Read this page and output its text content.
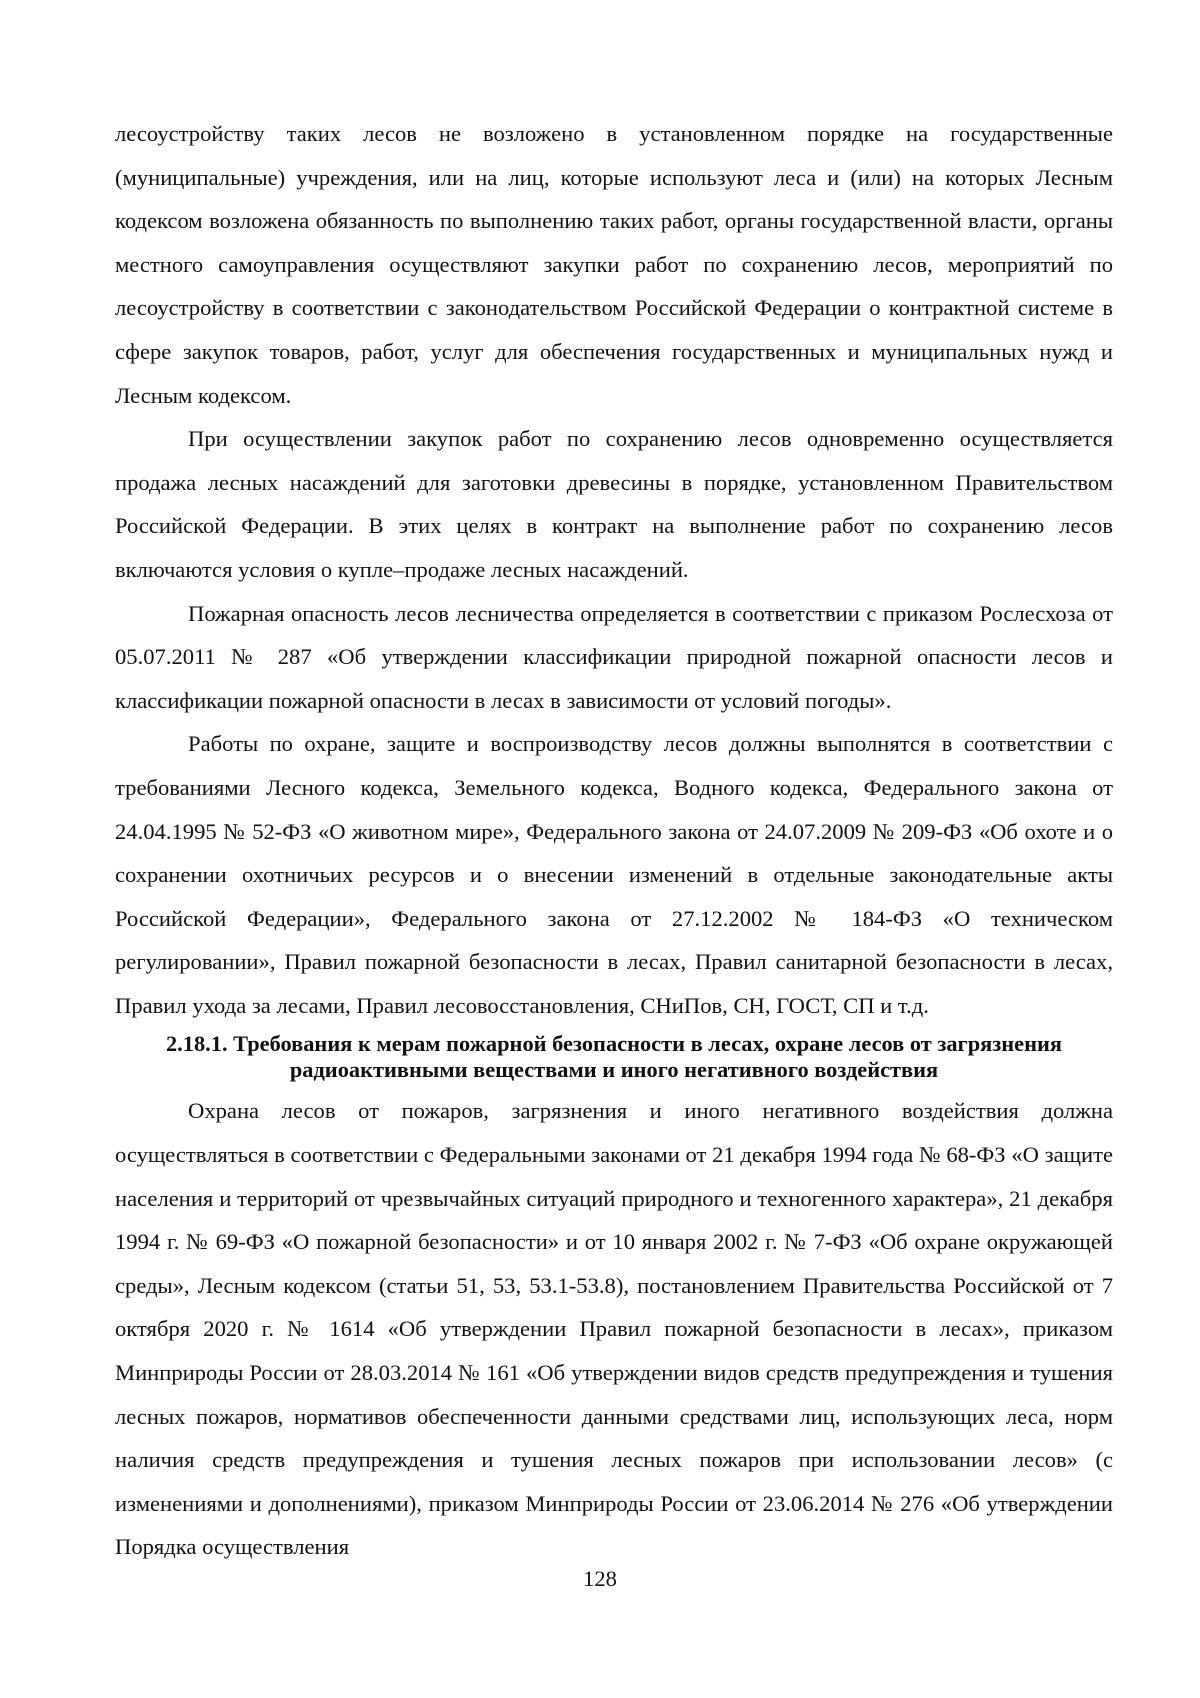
лесоустройству таких лесов не возложено в установленном порядке на государственные (муниципальные) учреждения, или на лиц, которые используют леса и (или) на которых Лесным кодексом возложена обязанность по выполнению таких работ, органы государственной власти, органы местного самоуправления осуществляют закупки работ по сохранению лесов, мероприятий по лесоустройству в соответствии с законодательством Российской Федерации о контрактной системе в сфере закупок товаров, работ, услуг для обеспечения государственных и муниципальных нужд и Лесным кодексом.

При осуществлении закупок работ по сохранению лесов одновременно осуществляется продажа лесных насаждений для заготовки древесины в порядке, установленном Правительством Российской Федерации. В этих целях в контракт на выполнение работ по сохранению лесов включаются условия о купле–продаже лесных насаждений.

Пожарная опасность лесов лесничества определяется в соответствии с приказом Рослесхоза от 05.07.2011 № 287 «Об утверждении классификации природной пожарной опасности лесов и классификации пожарной опасности в лесах в зависимости от условий погоды».

Работы по охране, защите и воспроизводству лесов должны выполнятся в соответствии с требованиями Лесного кодекса, Земельного кодекса, Водного кодекса, Федерального закона от 24.04.1995 № 52-ФЗ «О животном мире», Федерального закона от 24.07.2009 № 209-ФЗ «Об охоте и о сохранении охотничьих ресурсов и о внесении изменений в отдельные законодательные акты Российской Федерации», Федерального закона от 27.12.2002 № 184-ФЗ «О техническом регулировании», Правил пожарной безопасности в лесах, Правил санитарной безопасности в лесах, Правил ухода за лесами, Правил лесовосстановления, СНиПов, СН, ГОСТ, СП и т.д.

2.18.1. Требования к мерам пожарной безопасности в лесах, охране лесов от загрязнения
радиоактивными веществами и иного негативного воздействия

Охрана лесов от пожаров, загрязнения и иного негативного воздействия должна осуществляться в соответствии с Федеральными законами от 21 декабря 1994 года № 68-ФЗ «О защите населения и территорий от чрезвычайных ситуаций природного и техногенного характера», 21 декабря 1994 г. № 69-ФЗ «О пожарной безопасности» и от 10 января 2002 г. № 7-ФЗ «Об охране окружающей среды», Лесным кодексом (статьи 51, 53, 53.1-53.8), постановлением Правительства Российской от 7 октября 2020 г. № 1614 «Об утверждении Правил пожарной безопасности в лесах», приказом Минприроды России от 28.03.2014 № 161 «Об утверждении видов средств предупреждения и тушения лесных пожаров, нормативов обеспеченности данными средствами лиц, использующих леса, норм наличия средств предупреждения и тушения лесных пожаров при использовании лесов» (с изменениями и дополнениями), приказом Минприроды России от 23.06.2014 № 276 «Об утверждении Порядка осуществления

128
